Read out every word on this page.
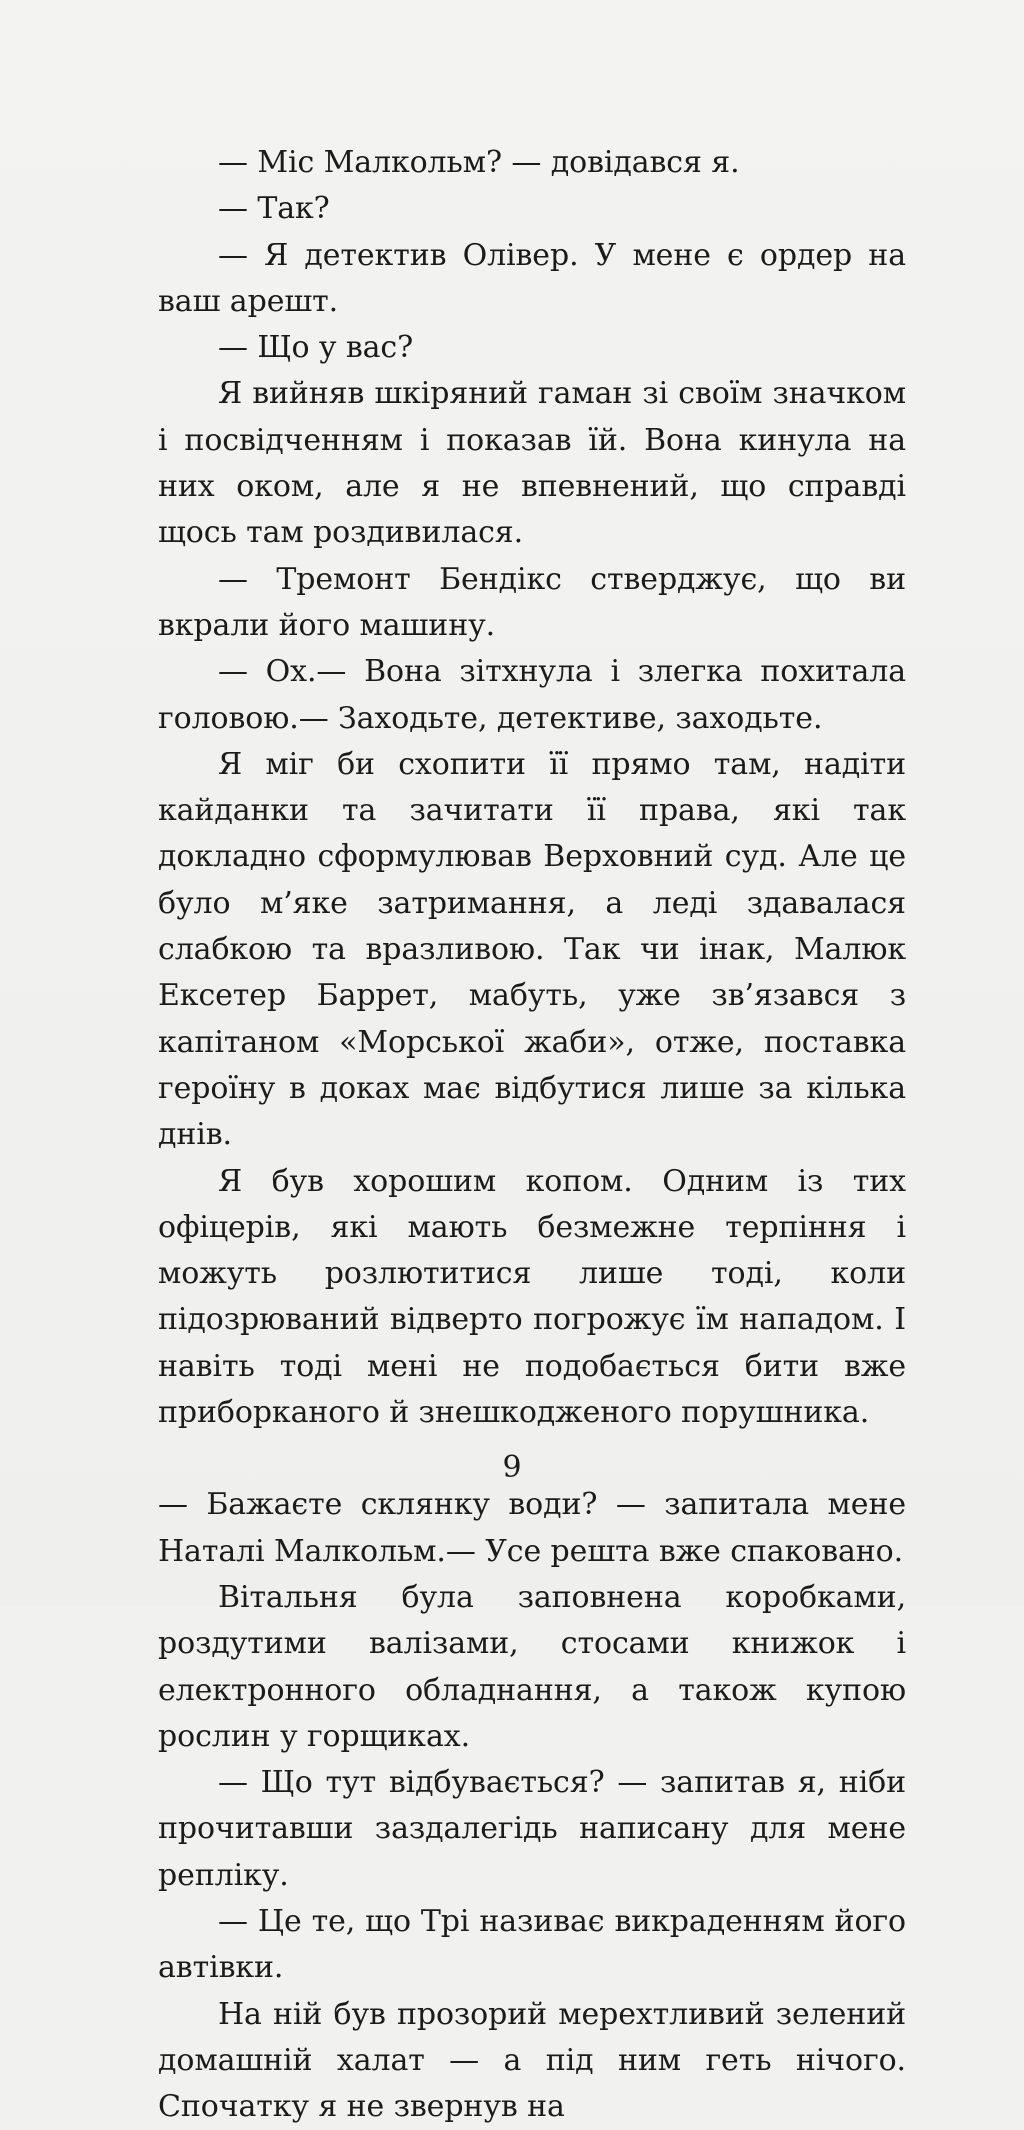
— Міс Малкольм? — довідався я.

— Так?

— Я детектив Олівер. У мене є ордер на ваш арешт.

— Що у вас?

Я вийняв шкіряний гаман зі своїм значком і посвідченням і показав їй. Вона кинула на них оком, але я не впевнений, що справді щось там роздивилася.

— Тремонт Бендікс стверджує, що ви вкрали його машину.

— Ох.— Вона зітхнула і злегка похитала головою.— Заходьте, детективе, заходьте.

Я міг би схопити її прямо там, надіти кайданки та зачитати її права, які так докладно сформулював Верховний суд. Але це було м’яке затримання, а леді здавалася слабкою та вразливою. Так чи інак, Малюк Ексетер Баррет, мабуть, уже зв’язався з капітаном «Морської жаби», отже, поставка героїну в доках має відбутися лише за кілька днів.

Я був хорошим копом. Одним із тих офіцерів, які мають безмежне терпіння і можуть розлютитися лише тоді, коли підозрюваний відверто погрожує їм нападом. І навіть тоді мені не подобається бити вже приборканого й знешкодженого порушника.

— Бажаєте склянку води? — запитала мене Наталі Малкольм.— Усе решта вже спаковано.

Вітальня була заповнена коробками, роздутими валізами, стосами книжок і електронного обладнання, а також купою рослин у горщиках.

— Що тут відбувається? — запитав я, ніби прочитавши заздалегідь написану для мене репліку.

— Це те, що Трі називає викраденням його автівки.

На ній був прозорий мерехтливий зелений домашній халат — а під ним геть нічого. Спочатку я не звернув на

9
